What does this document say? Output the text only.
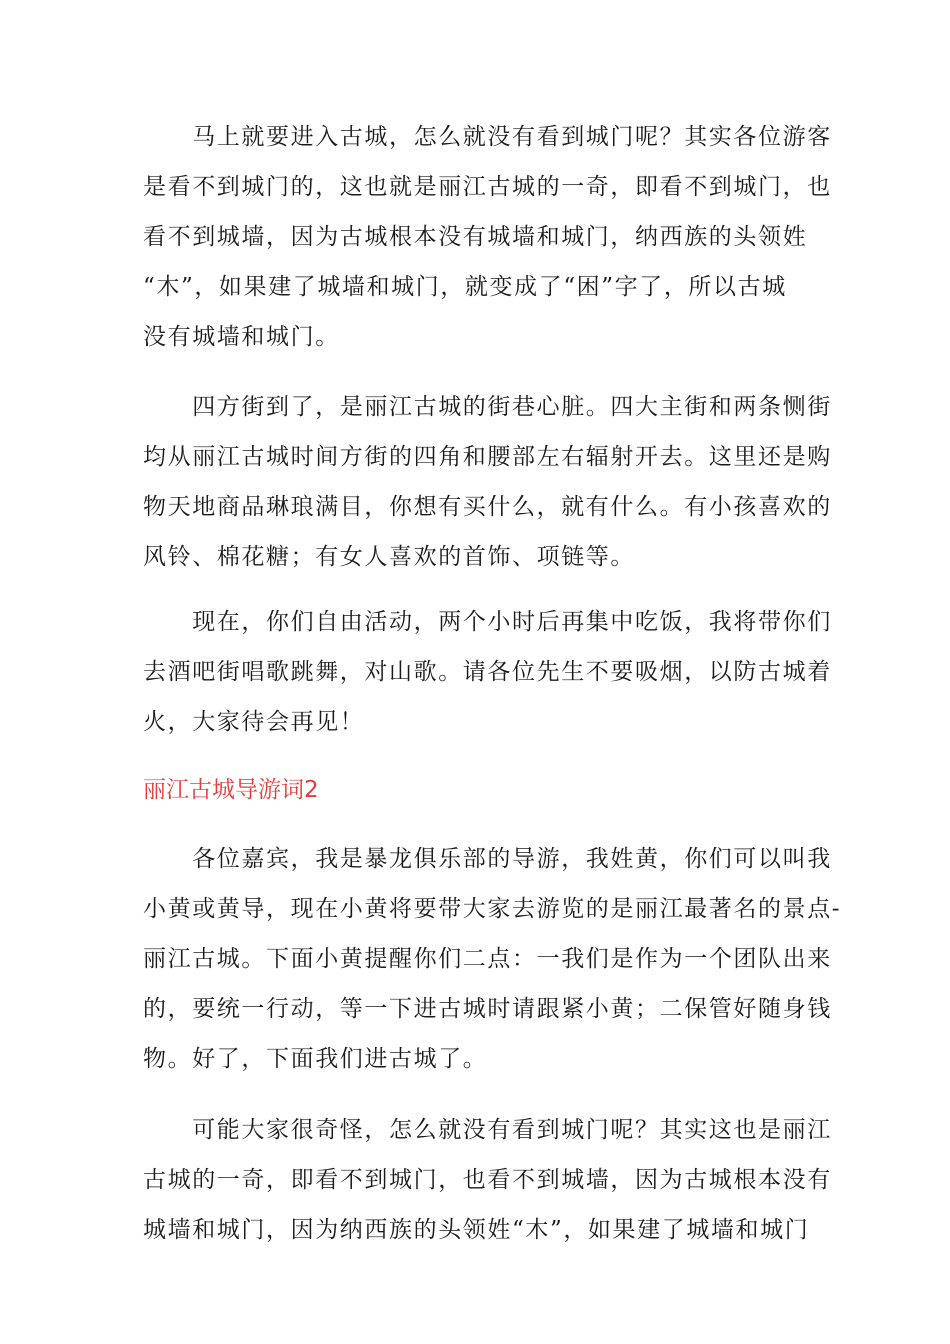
　　马上就要进入古城，怎么就没有看到城门呢？其实各位游客
是看不到城门的，这也就是丽江古城的一奇，即看不到城门，也
看不到城墙，因为古城根本没有城墙和城门，纳西族的头领姓
“木”，如果建了城墙和城门，就变成了“困”字了，所以古城
没有城墙和城门。
　　四方街到了，是丽江古城的街巷心脏。四大主街和两条恻街
均从丽江古城时间方街的四角和腰部左右辐射开去。这里还是购
物天地商品琳琅满目，你想有买什么，就有什么。有小孩喜欢的
风铃、棉花糖；有女人喜欢的首饰、项链等。
　　现在，你们自由活动，两个小时后再集中吃饭，我将带你们
去酒吧街唱歌跳舞，对山歌。请各位先生不要吸烟，以防古城着
火，大家待会再见！
丽江古城导游词2
　　各位嘉宾，我是暴龙俱乐部的导游，我姓黄，你们可以叫我
小黄或黄导，现在小黄将要带大家去游览的是丽江最著名的景点-
丽江古城。下面小黄提醒你们二点：一我们是作为一个团队出来
的，要统一行动，等一下进古城时请跟紧小黄；二保管好随身钱
物。好了，下面我们进古城了。
　　可能大家很奇怪，怎么就没有看到城门呢？其实这也是丽江
古城的一奇，即看不到城门，也看不到城墙，因为古城根本没有
城墙和城门，因为纳西族的头领姓“木”，如果建了城墙和城门
